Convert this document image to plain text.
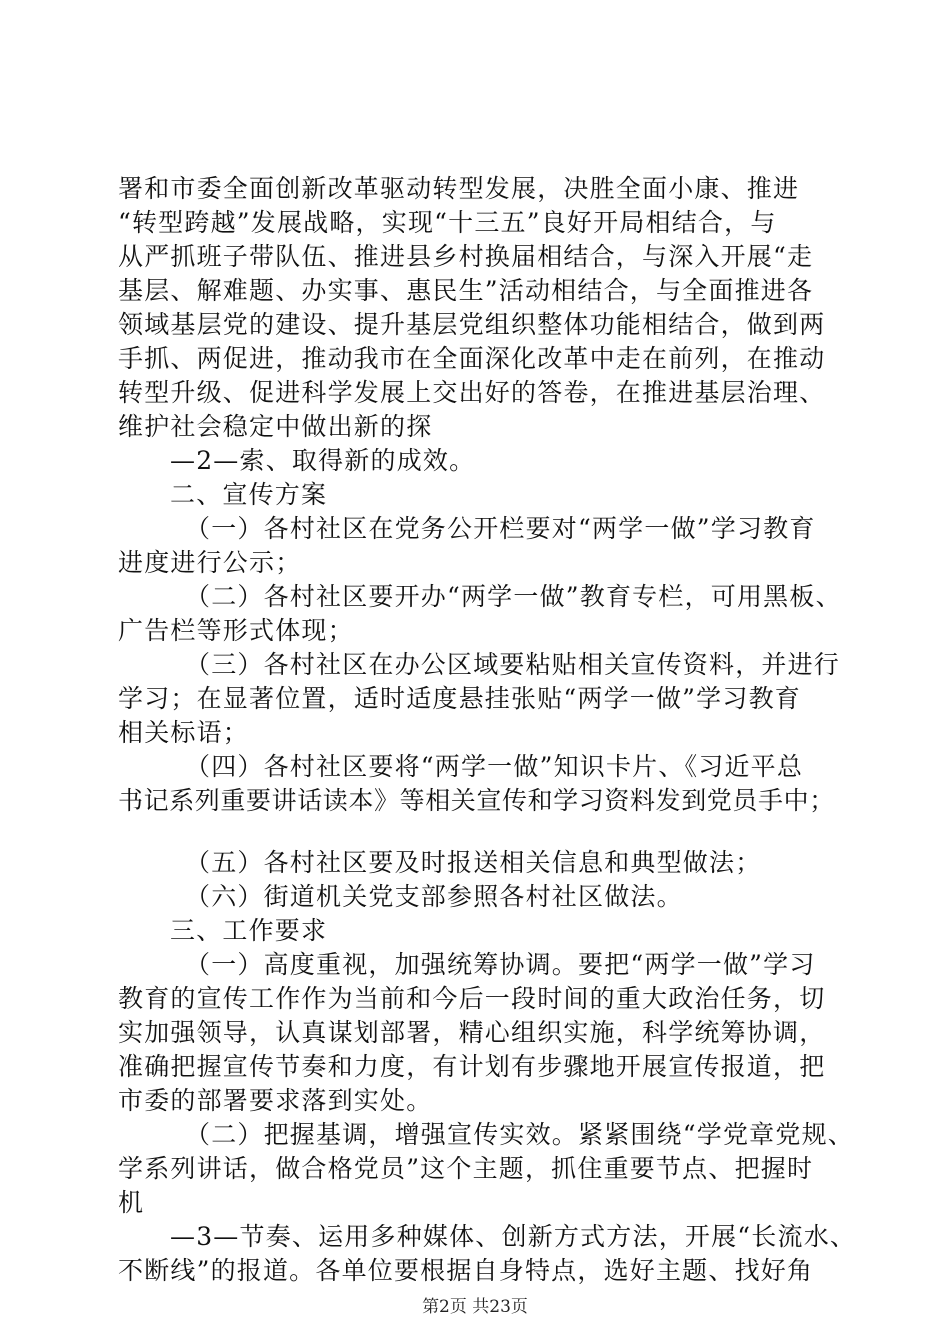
署和市委全面创新改革驱动转型发展，决胜全面小康、推进
“转型跨越”发展战略，实现“十三五”良好开局相结合，与
从严抓班子带队伍、推进县乡村换届相结合，与深入开展“走
基层、解难题、办实事、惠民生”活动相结合，与全面推进各
领域基层党的建设、提升基层党组织整体功能相结合，做到两
手抓、两促进，推动我市在全面深化改革中走在前列，在推动
转型升级、促进科学发展上交出好的答卷，在推进基层治理、
维护社会稳定中做出新的探
—2—索、取得新的成效。
二、宣传方案
（一）各村社区在党务公开栏要对“两学一做”学习教育
进度进行公示；
（二）各村社区要开办“两学一做”教育专栏，可用黑板、
广告栏等形式体现；
（三）各村社区在办公区域要粘贴相关宣传资料，并进行
学习；在显著位置，适时适度悬挂张贴“两学一做”学习教育
相关标语；
（四）各村社区要将“两学一做”知识卡片、《习近平总
书记系列重要讲话读本》等相关宣传和学习资料发到党员手中；
（五）各村社区要及时报送相关信息和典型做法；
（六）街道机关党支部参照各村社区做法。
三、工作要求
（一）高度重视，加强统筹协调。要把“两学一做”学习
教育的宣传工作作为当前和今后一段时间的重大政治任务，切
实加强领导，认真谋划部署，精心组织实施，科学统筹协调，
准确把握宣传节奏和力度，有计划有步骤地开展宣传报道，把
市委的部署要求落到实处。
（二）把握基调，增强宣传实效。紧紧围绕“学党章党规、
学系列讲话，做合格党员”这个主题，抓住重要节点、把握时
机
—3—节奏、运用多种媒体、创新方式方法，开展“长流水、
不断线”的报道。各单位要根据自身特点，选好主题、找好角
第2页 共23页
